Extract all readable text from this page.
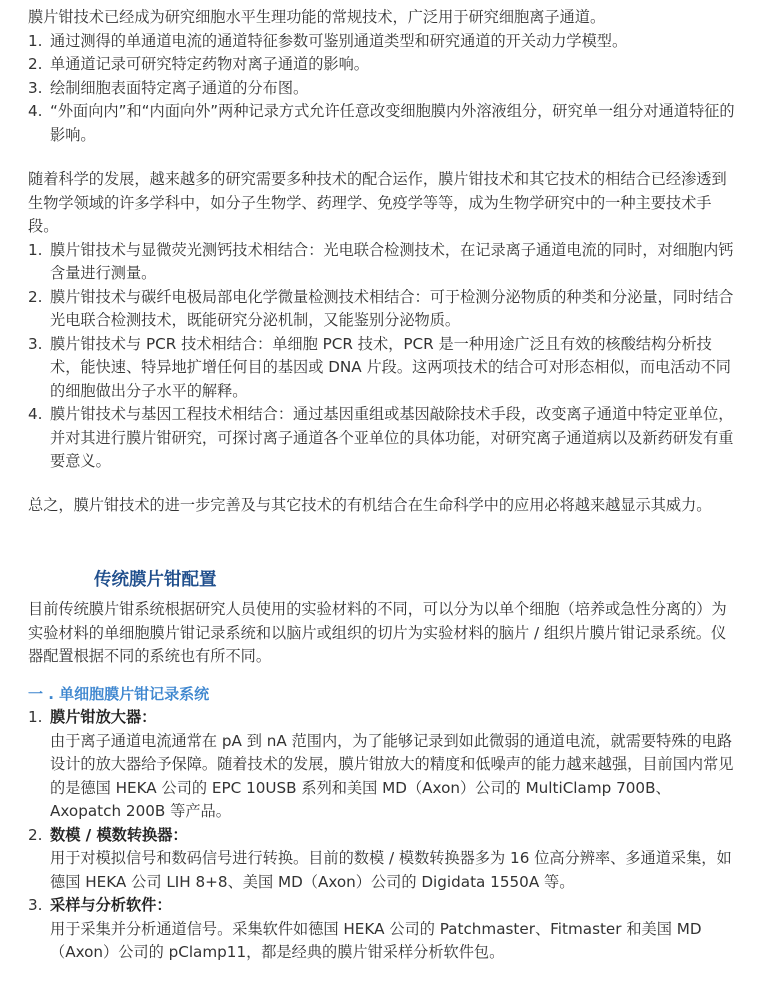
膜片钳技术已经成为研究细胞水平生理功能的常规技术，广泛用于研究细胞离子通道。

1. 通过测得的单通道电流的通道特征参数可鉴别通道类型和研究通道的开关动力学模型。
2. 单通道记录可研究特定药物对离子通道的影响。
3. 绘制细胞表面特定离子通道的分布图。
4. “外面向内”和“内面向外”两种记录方式允许任意改变细胞膜内外溶液组分，研究单一组分对通道特征的影响。

随着科学的发展，越来越多的研究需要多种技术的配合运作，膜片钳技术和其它技术的相结合已经渗透到生物学领域的许多学科中，如分子生物学、药理学、免疫学等等，成为生物学研究中的一种主要技术手段。

1. 膜片钳技术与显微荧光测钙技术相结合：光电联合检测技术，在记录离子通道电流的同时，对细胞内钙含量进行测量。
2. 膜片钳技术与碳纤电极局部电化学微量检测技术相结合：可于检测分泌物质的种类和分泌量，同时结合光电联合检测技术，既能研究分泌机制，又能鉴别分泌物质。
3. 膜片钳技术与 PCR 技术相结合：单细胞 PCR 技术，PCR 是一种用途广泛且有效的核酸结构分析技术，能快速、特异地扩增任何目的基因或 DNA 片段。这两项技术的结合可对形态相似，而电活动不同的细胞做出分子水平的解释。
4. 膜片钳技术与基因工程技术相结合：通过基因重组或基因敲除技术手段，改变离子通道中特定亚单位，并对其进行膜片钳研究，可探讨离子通道各个亚单位的具体功能，对研究离子通道病以及新药研发有重要意义。

总之，膜片钳技术的进一步完善及与其它技术的有机结合在生命科学中的应用必将越来越显示其威力。

传统膜片钳配置

目前传统膜片钳系统根据研究人员使用的实验材料的不同，可以分为以单个细胞（培养或急性分离的）为实验材料的单细胞膜片钳记录系统和以脑片或组织的切片为实验材料的脑片 / 组织片膜片钳记录系统。仪器配置根据不同的系统也有所不同。

一 . 单细胞膜片钳记录系统
1. 膜片钳放大器：
由于离子通道电流通常在 pA 到 nA 范围内，为了能够记录到如此微弱的通道电流，就需要特殊的电路设计的放大器给予保障。随着技术的发展，膜片钳放大的精度和低噪声的能力越来越强，目前国内常见的是德国 HEKA 公司的 EPC 10USB 系列和美国 MD（Axon）公司的 MultiClamp 700B、Axopatch 200B 等产品。
2. 数模 / 模数转换器：
用于对模拟信号和数码信号进行转换。目前的数模 / 模数转换器多为 16 位高分辨率、多通道采集，如德国 HEKA 公司 LIH 8+8、美国 MD（Axon）公司的 Digidata 1550A 等。
3. 采样与分析软件：
用于采集并分析通道信号。采集软件如德国 HEKA 公司的 Patchmaster、Fitmaster 和美国 MD（Axon）公司的 pClamp11，都是经典的膜片钳采样分析软件包。
